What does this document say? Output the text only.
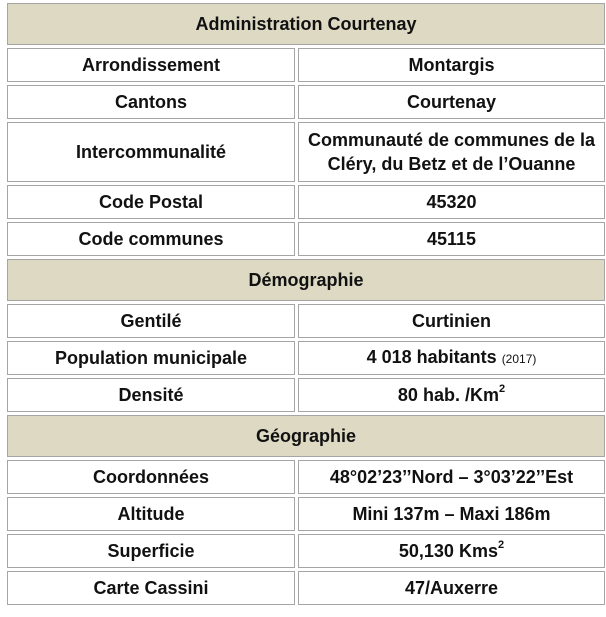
Administration Courtenay	
Arrondissement	Montargis
Cantons	Courtenay
Intercommunalité	Communauté de communes de la Cléry, du Betz et de l’Ouanne
Code Postal	45320
Code communes	45115
Démographie	
Gentilé	Curtinien
Population municipale	4 018 habitants (2017)
Densité	80 hab. /Km$^2$
Géographie	
Coordonnées	48°02’23’’Nord – 3°03’22’’Est
Altitude	Mini 137m – Maxi 186m
Superficie	50,130 Kms$^2$
Carte Cassini	47/Auxerre
